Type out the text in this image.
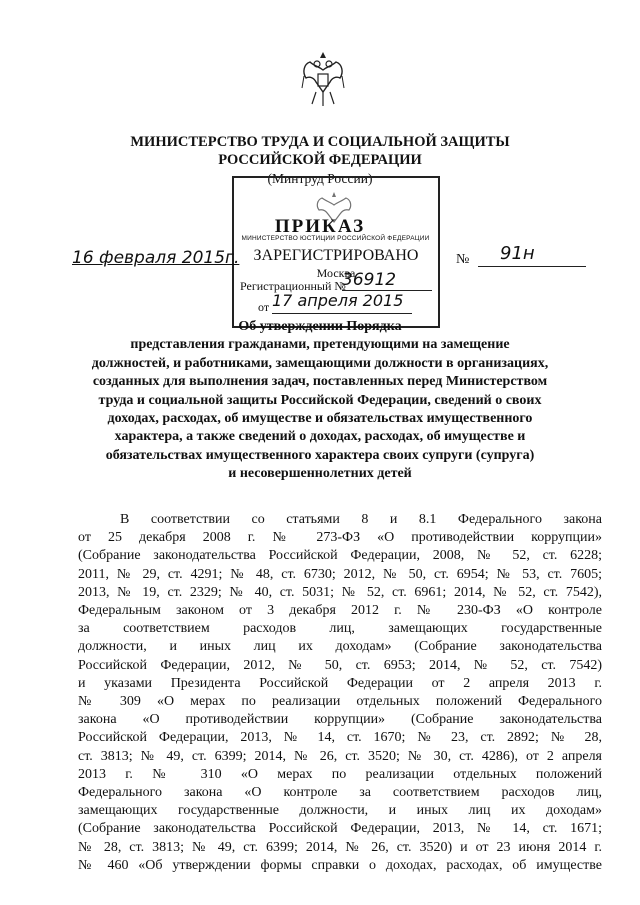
МИНИСТЕРСТВО ТРУДА И СОЦИАЛЬНОЙ ЗАЩИТЫ
РОССИЙСКОЙ ФЕДЕРАЦИИ
(Минтруд России)
МИНИСТЕРСТВО ЮСТИЦИИ РОССИЙСКОЙ ФЕДЕРАЦИИ
ПРИКАЗ
ЗАРЕГИСТРИРОВАНО
Москва
Регистрационный №
36912
от 17 апреля 2015
16 февраля 2015г.	№ 91н
Об утверждении Порядка
представления гражданами, претендующими на замещение
должностей, и работниками, замещающими должности в организациях,
созданных для выполнения задач, поставленных перед Министерством
труда и социальной защиты Российской Федерации, сведений о своих
доходах, расходах, об имуществе и обязательствах имущественного
характера, а также сведений о доходах, расходах, об имуществе и
обязательствах имущественного характера своих супруги (супруга)
и несовершеннолетних детей
В соответствии со статьями 8 и 8.1 Федерального закона
от 25 декабря 2008 г. № 273-ФЗ «О противодействии коррупции»
(Собрание законодательства Российской Федерации, 2008, № 52, ст. 6228;
2011, № 29, ст. 4291; № 48, ст. 6730; 2012, № 50, ст. 6954; № 53, ст. 7605;
2013, № 19, ст. 2329; № 40, ст. 5031; № 52, ст. 6961; 2014, № 52, ст. 7542),
Федеральным законом от 3 декабря 2012 г. № 230-ФЗ «О контроле
за соответствием расходов лиц, замещающих государственные
должности, и иных лиц их доходам» (Собрание законодательства
Российской Федерации, 2012, № 50, ст. 6953; 2014, № 52, ст. 7542)
и указами Президента Российской Федерации от 2 апреля 2013 г.
№ 309 «О мерах по реализации отдельных положений Федерального
закона «О противодействии коррупции» (Собрание законодательства
Российской Федерации, 2013, № 14, ст. 1670; № 23, ст. 2892; № 28,
ст. 3813; № 49, ст. 6399; 2014, № 26, ст. 3520; № 30, ст. 4286), от 2 апреля
2013 г. № 310 «О мерах по реализации отдельных положений
Федерального закона «О контроле за соответствием расходов лиц,
замещающих государственные должности, и иных лиц их доходам»
(Собрание законодательства Российской Федерации, 2013, № 14, ст. 1671;
№ 28, ст. 3813; № 49, ст. 6399; 2014, № 26, ст. 3520) и от 23 июня 2014 г.
№ 460 «Об утверждении формы справки о доходах, расходах, об имуществе
